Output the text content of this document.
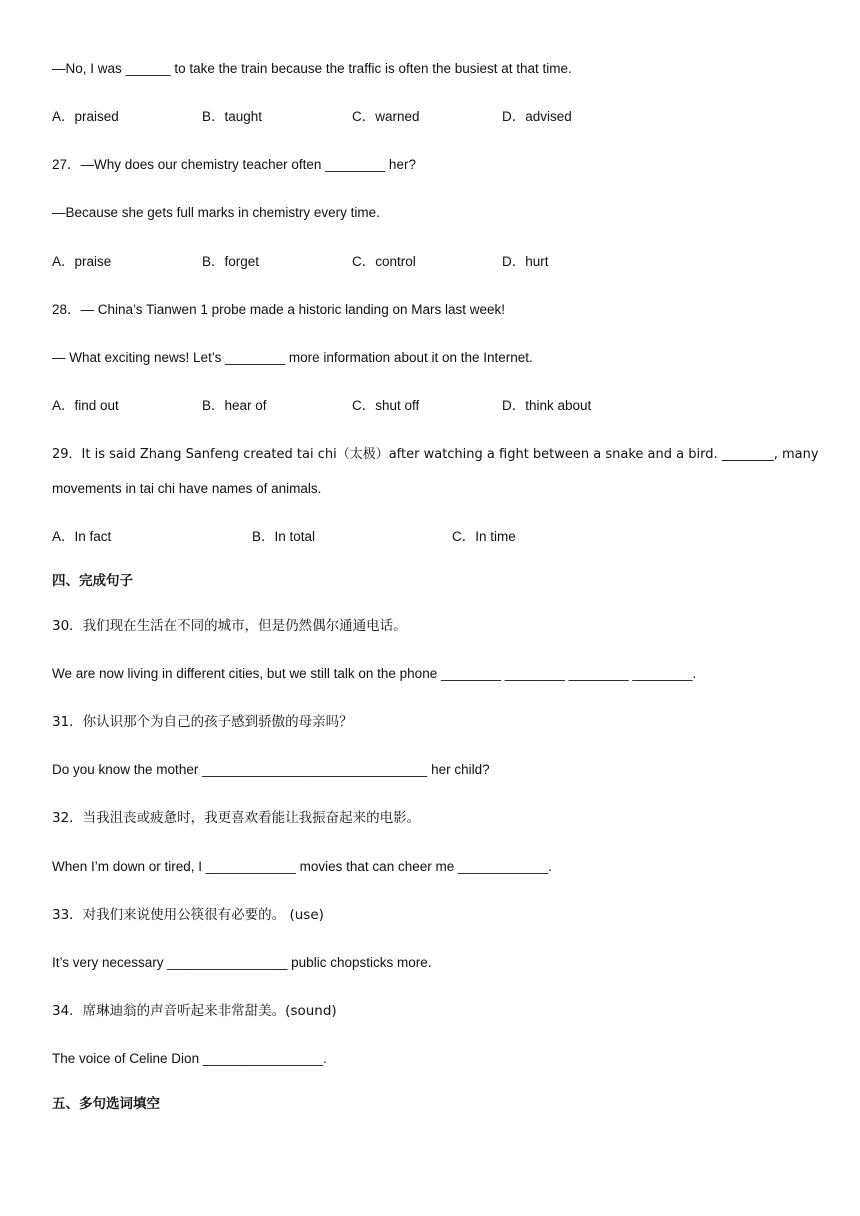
—No, I was ______ to take the train because the traffic is often the busiest at that time.
A．praised	B．taught	C．warned	D．advised
27．—Why does our chemistry teacher often ________ her?
—Because she gets full marks in chemistry every time.
A．praise	B．forget	C．control	D．hurt
28．— China’s Tianwen 1 probe made a historic landing on Mars last week!
— What exciting news! Let’s ________ more information about it on the Internet.
A．find out	B．hear of	C．shut off	D．think about
29．It is said Zhang Sanfeng created tai chi（太极）after watching a fight between a snake and a bird. ________, many
movements in tai chi have names of animals.
A．In fact	B．In total	C．In time
四、完成句子
30．我们现在生活在不同的城市，但是仍然偶尔通通电话。
We are now living in different cities, but we still talk on the phone ________ ________ ________ ________.
31．你认识那个为自己的孩子感到骄傲的母亲吗？
Do you know the mother ______________________________ her child?
32．当我沮丧或疲惫时，我更喜欢看能让我振奋起来的电影。
When I’m down or tired, I ____________ movies that can cheer me ____________.
33．对我们来说使用公筷很有必要的。 (use)
It’s very necessary ________________ public chopsticks more.
34．席琳迪翁的声音听起来非常甜美。(sound)
The voice of Celine Dion ________________.
五、多句选词填空
